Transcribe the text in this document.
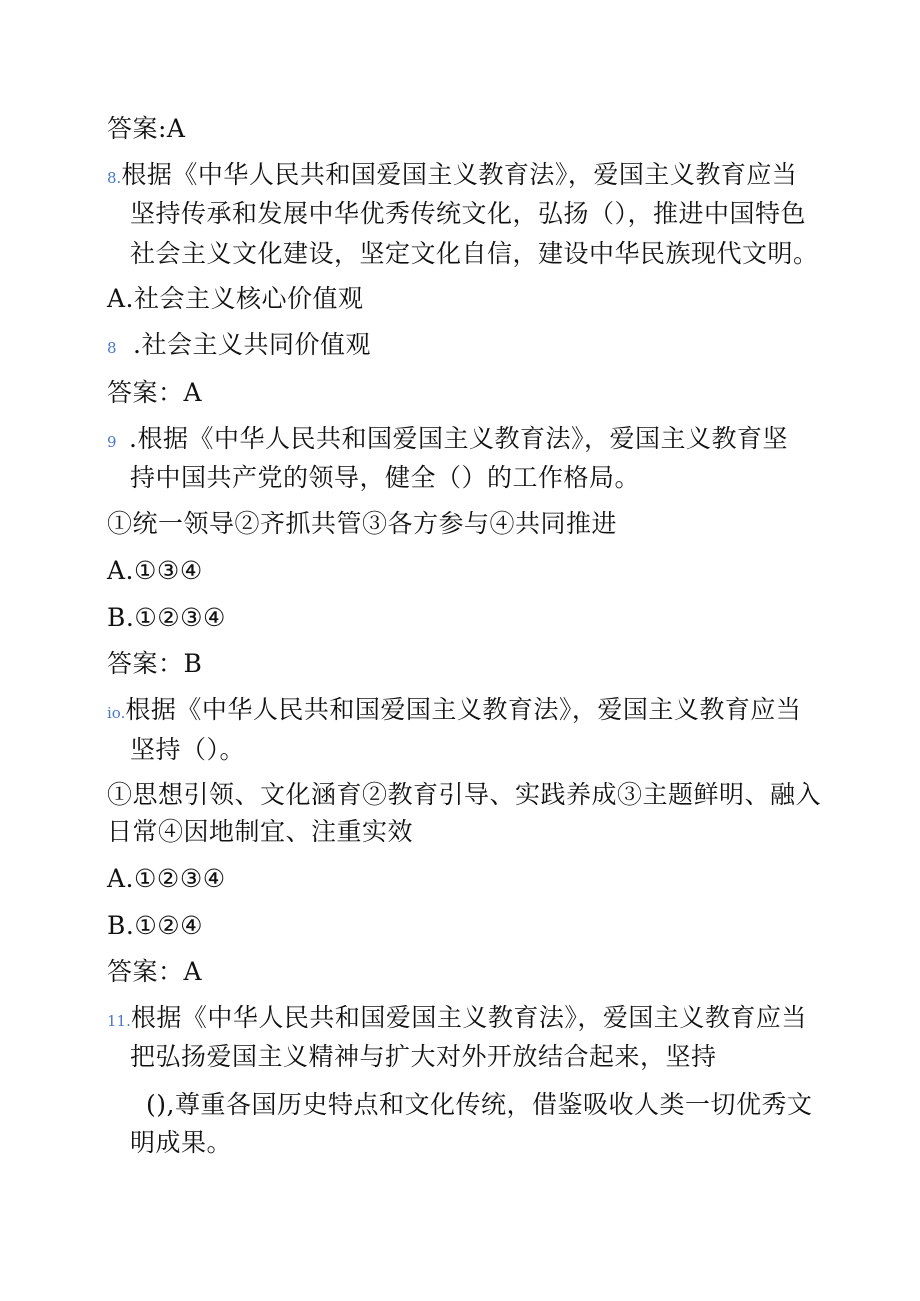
答案:A
8.根据《中华人民共和国爱国主义教育法》，爱国主义教育应当
坚持传承和发展中华优秀传统文化，弘扬（），推进中国特色
社会主义文化建设，坚定文化自信，建设中华民族现代文明。
A.社会主义核心价值观
8 .社会主义共同价值观
答案：A
9 .根据《中华人民共和国爱国主义教育法》，爱国主义教育坚
持中国共产党的领导，健全（）的工作格局。
①统一领导②齐抓共管③各方参与④共同推进
A.①③④
B.①②③④
答案：B
io.根据《中华人民共和国爱国主义教育法》，爱国主义教育应当
坚持（）。
①思想引领、文化涵育②教育引导、实践养成③主题鲜明、融入
日常④因地制宜、注重实效
A.①②③④
B.①②④
答案：A
11.根据《中华人民共和国爱国主义教育法》，爱国主义教育应当
把弘扬爱国主义精神与扩大对外开放结合起来，坚持
(),尊重各国历史特点和文化传统，借鉴吸收人类一切优秀文
明成果。
